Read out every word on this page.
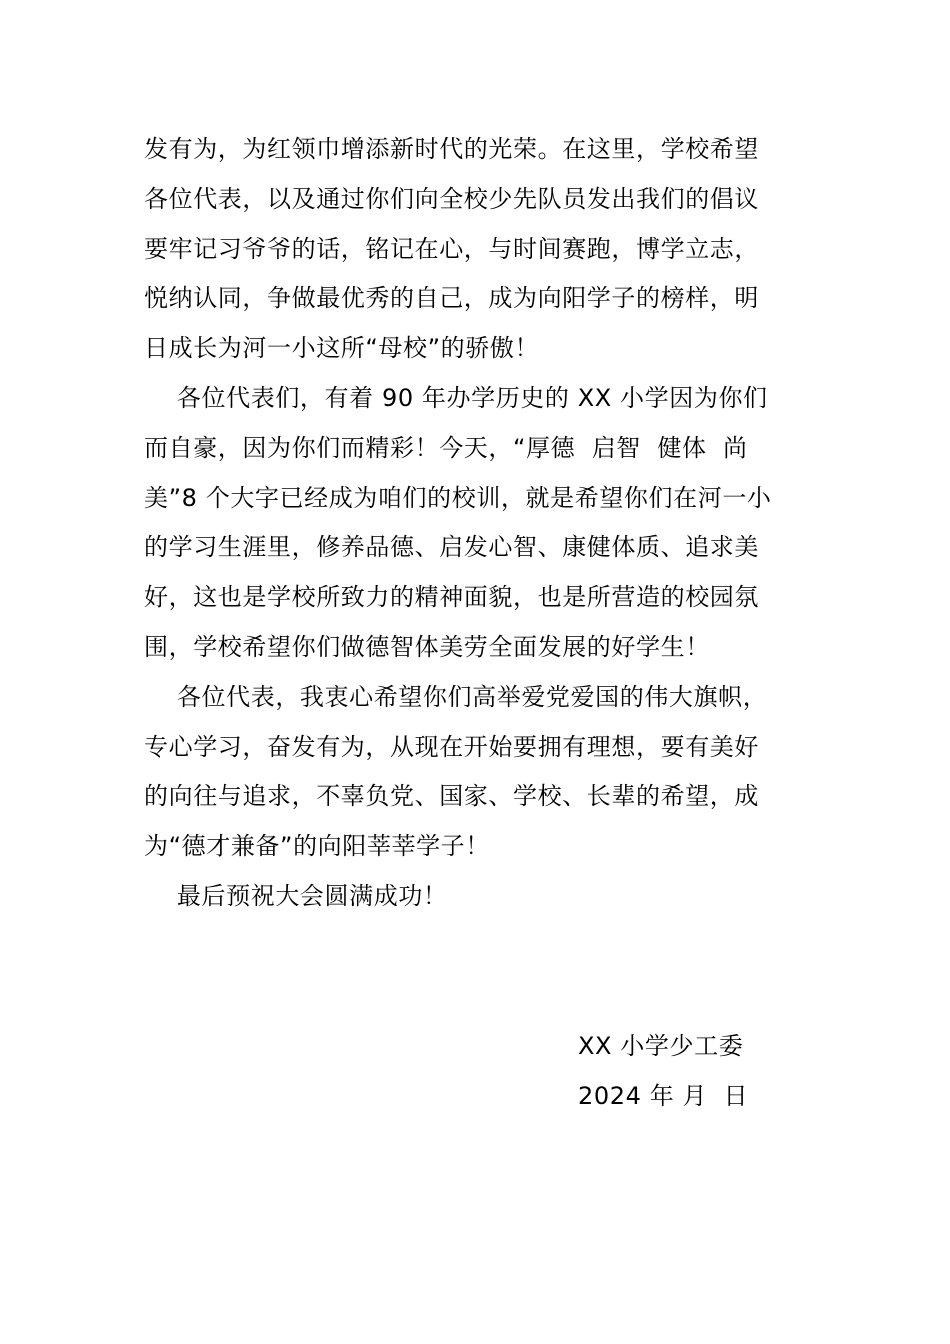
发有为，为红领巾增添新时代的光荣。在这里，学校希望
各位代表，以及通过你们向全校少先队员发出我们的倡议
要牢记习爷爷的话，铭记在心，与时间赛跑，博学立志，
悦纳认同，争做最优秀的自己，成为向阳学子的榜样，明
日成长为河一小这所“母校”的骄傲！
各位代表们，有着 90 年办学历史的 XX 小学因为你们
而自豪，因为你们而精彩！今天，“厚德  启智  健体  尚
美”8 个大字已经成为咱们的校训，就是希望你们在河一小
的学习生涯里，修养品德、启发心智、康健体质、追求美
好，这也是学校所致力的精神面貌，也是所营造的校园氛
围，学校希望你们做德智体美劳全面发展的好学生！
各位代表，我衷心希望你们高举爱党爱国的伟大旗帜，
专心学习，奋发有为，从现在开始要拥有理想，要有美好
的向往与追求，不辜负党、国家、学校、长辈的希望，成
为“德才兼备”的向阳莘莘学子！
最后预祝大会圆满成功！
XX 小学少工委
2024 年 月  日
